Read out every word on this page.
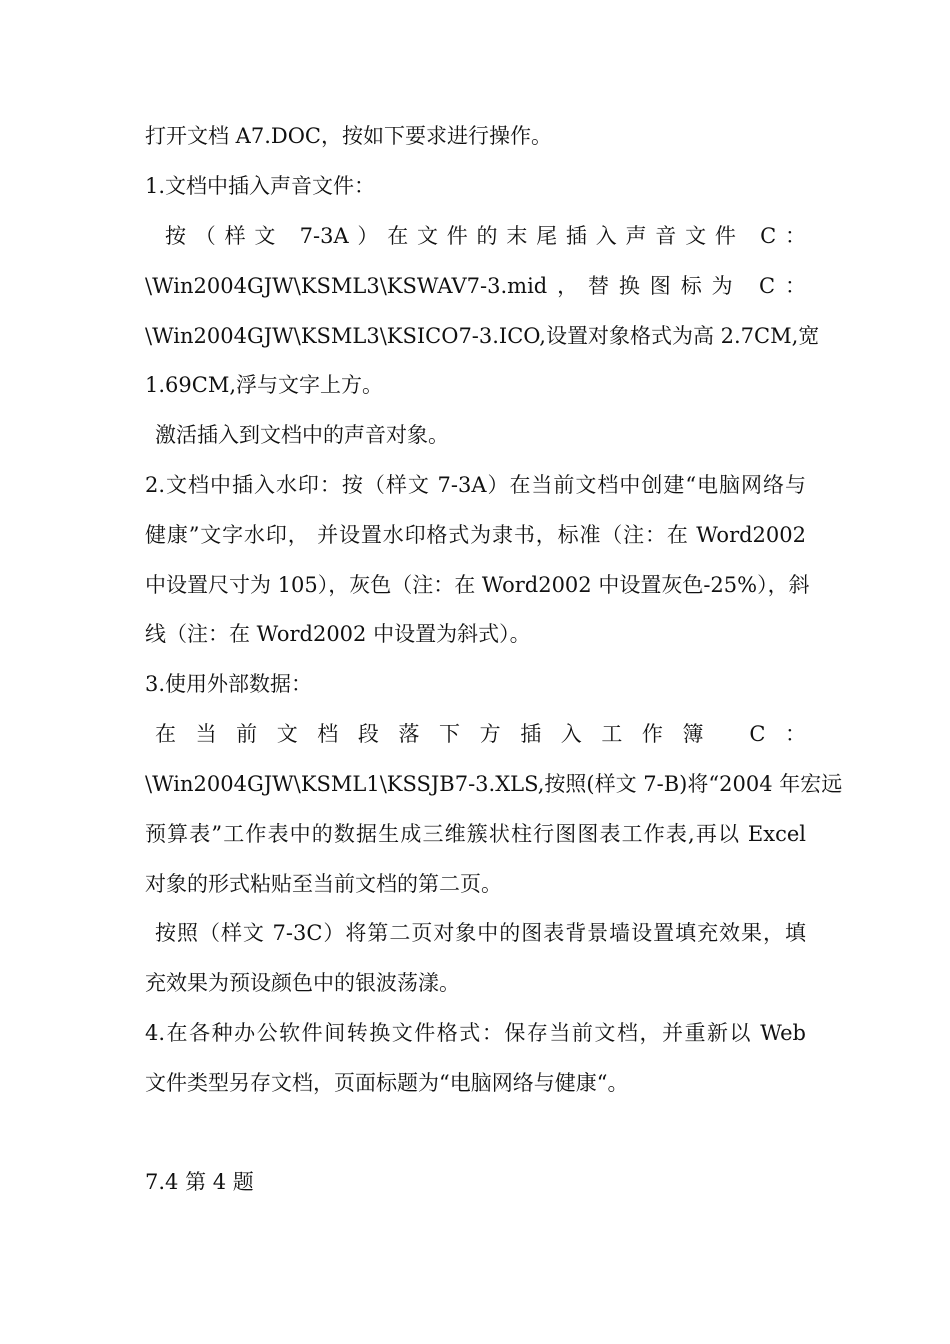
打开文档 A7.DOC，按如下要求进行操作。

1.文档中插入声音文件：

按（样文 7-3A）在文件的末尾插入声音文件 C：

\Win2004GJW\KSML3\KSWAV7-3.mid，替换图标为 C：

\Win2004GJW\KSML3\KSICO7-3.ICO,设置对象格式为高 2.7CM,宽

1.69CM,浮与文字上方。

激活插入到文档中的声音对象。

2.文档中插入水印：按（样文 7-3A）在当前文档中创建“电脑网络与

健康”文字水印， 并设置水印格式为隶书，标准（注：在 Word2002

中设置尺寸为 105），灰色（注：在 Word2002 中设置灰色-25%），斜

线（注：在 Word2002 中设置为斜式）。

3.使用外部数据：

在当前文档段落下方插入工作簿 C：

\Win2004GJW\KSML1\KSSJB7-3.XLS,按照(样文 7-B)将“2004 年宏远

预算表”工作表中的数据生成三维簇状柱行图图表工作表,再以 Excel

对象的形式粘贴至当前文档的第二页。

按照（样文 7-3C）将第二页对象中的图表背景墙设置填充效果，填

充效果为预设颜色中的银波荡漾。

4.在各种办公软件间转换文件格式：保存当前文档，并重新以 Web

文件类型另存文档，页面标题为“电脑网络与健康“。

7.4 第 4 题
